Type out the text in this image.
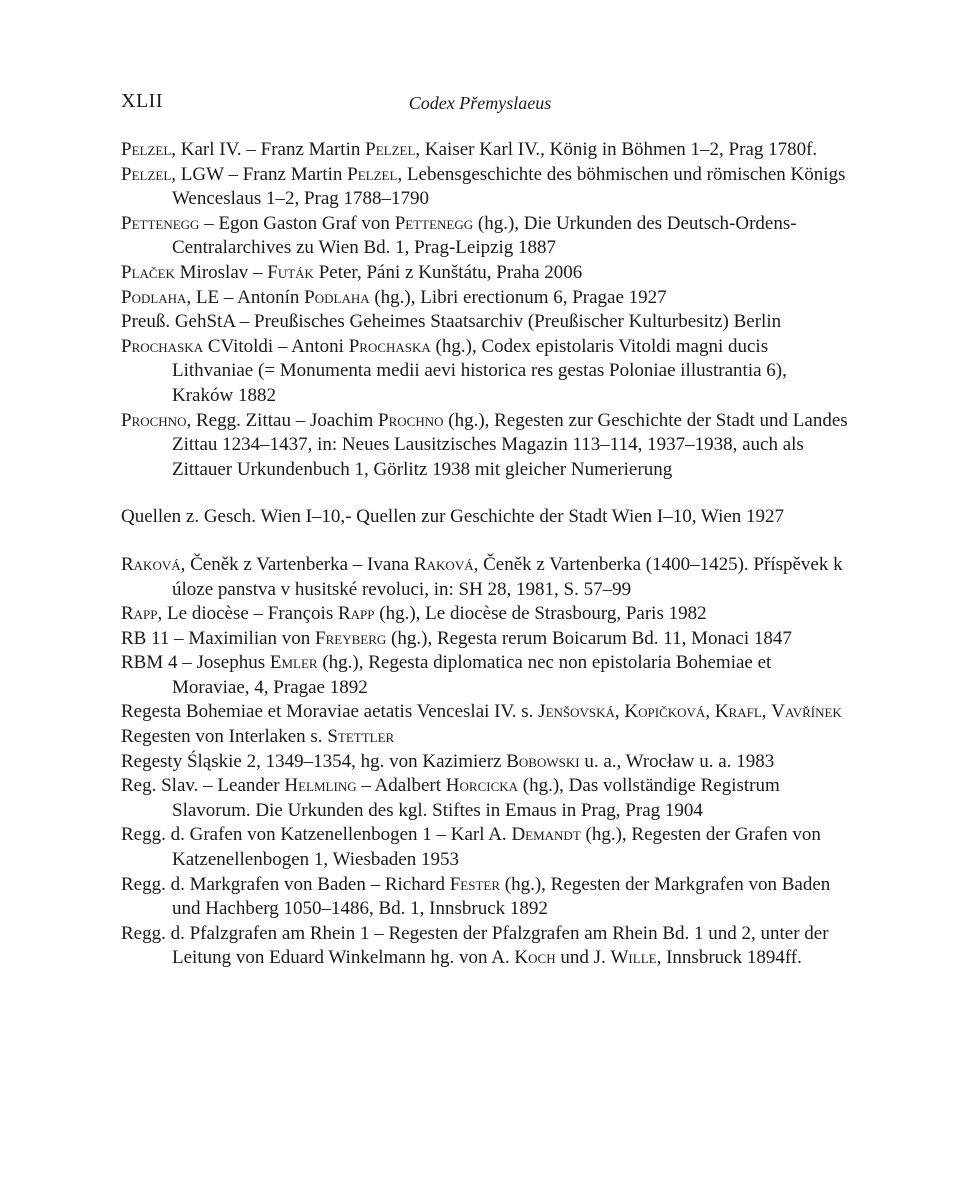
XLII	Codex Přemyslaeus

Pelzel, Karl IV. – Franz Martin Pelzel, Kaiser Karl IV., König in Böhmen 1–2, Prag 1780f.

Pelzel, LGW – Franz Martin Pelzel, Lebensgeschichte des böhmischen und römischen Königs Wenceslaus 1–2, Prag 1788–1790

Pettenegg – Egon Gaston Graf von Pettenegg (hg.), Die Urkunden des Deutsch-Ordens-Centralarchives zu Wien Bd. 1, Prag-Leipzig 1887

Plaček Miroslav – Futák Peter, Páni z Kunštátu, Praha 2006

Podlaha, LE – Antonín Podlaha (hg.), Libri erectionum 6, Pragae 1927

Preuß. GehStA – Preußisches Geheimes Staatsarchiv (Preußischer Kulturbesitz) Berlin

Prochaska CVitoldi – Antoni Prochaska (hg.), Codex epistolaris Vitoldi magni ducis Lithvaniae (= Monumenta medii aevi historica res gestas Poloniae illustrantia 6), Kraków 1882

Prochno, Regg. Zittau – Joachim Prochno (hg.), Regesten zur Geschichte der Stadt und Landes Zittau 1234–1437, in: Neues Lausitzisches Magazin 113–114, 1937–1938, auch als Zittauer Urkundenbuch 1, Görlitz 1938 mit gleicher Numerierung

Quellen z. Gesch. Wien I–10,- Quellen zur Geschichte der Stadt Wien I–10, Wien 1927

Raková, Čeněk z Vartenberka – Ivana Raková, Čeněk z Vartenberka (1400–1425). Příspěvek k úloze panstva v husitské revoluci, in: SH 28, 1981, S. 57–99

Rapp, Le diocèse – François Rapp (hg.), Le diocèse de Strasbourg, Paris 1982

RB 11 – Maximilian von Freyberg (hg.), Regesta rerum Boicarum Bd. 11, Monaci 1847

RBM 4 – Josephus Emler (hg.), Regesta diplomatica nec non epistolaria Bohemiae et Moraviae, 4, Pragae 1892

Regesta Bohemiae et Moraviae aetatis Venceslai IV. s. Jenšovská, Kopičková, Krafl, Vavřínek

Regesten von Interlaken s. Stettler

Regesty Śląskie 2, 1349–1354, hg. von Kazimierz Bobowski u. a., Wrocław u. a. 1983

Reg. Slav. – Leander Helmling – Adalbert Horcicka (hg.), Das vollständige Registrum Slavorum. Die Urkunden des kgl. Stiftes in Emaus in Prag, Prag 1904

Regg. d. Grafen von Katzenellenbogen 1 – Karl A. Demandt (hg.), Regesten der Grafen von Katzenellenbogen 1, Wiesbaden 1953

Regg. d. Markgrafen von Baden – Richard Fester (hg.), Regesten der Markgrafen von Baden und Hachberg 1050–1486, Bd. 1, Innsbruck 1892

Regg. d. Pfalzgrafen am Rhein 1 – Regesten der Pfalzgrafen am Rhein Bd. 1 und 2, unter der Leitung von Eduard Winkelmann hg. von A. Koch und J. Wille, Innsbruck 1894ff.
